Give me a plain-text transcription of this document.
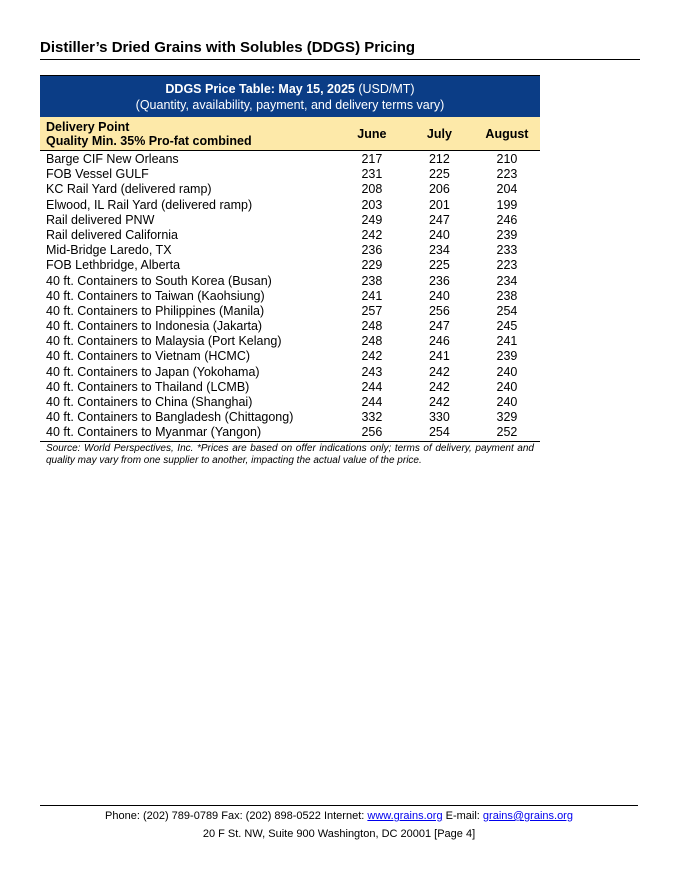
Distiller’s Dried Grains with Solubles (DDGS) Pricing
DDGS Price Table: May 15, 2025 (USD/MT)
(Quantity, availability, payment, and delivery terms vary)
Delivery Point
Quality Min. 35% Pro-fat combined	June	July	August
Barge CIF New Orleans	217	212	210
FOB Vessel GULF	231	225	223
KC Rail Yard (delivered ramp)	208	206	204
Elwood, IL Rail Yard (delivered ramp)	203	201	199
Rail delivered PNW	249	247	246
Rail delivered California	242	240	239
Mid-Bridge Laredo, TX	236	234	233
FOB Lethbridge, Alberta	229	225	223
40 ft. Containers to South Korea (Busan)	238	236	234
40 ft. Containers to Taiwan (Kaohsiung)	241	240	238
40 ft. Containers to Philippines (Manila)	257	256	254
40 ft. Containers to Indonesia (Jakarta)	248	247	245
40 ft. Containers to Malaysia (Port Kelang)	248	246	241
40 ft. Containers to Vietnam (HCMC)	242	241	239
40 ft. Containers to Japan (Yokohama)	243	242	240
40 ft. Containers to Thailand (LCMB)	244	242	240
40 ft. Containers to China (Shanghai)	244	242	240
40 ft. Containers to Bangladesh (Chittagong)	332	330	329
40 ft. Containers to Myanmar (Yangon)	256	254	252
Source: World Perspectives, Inc. *Prices are based on offer indications only; terms of delivery, payment and quality may vary from one supplier to another, impacting the actual value of the price.
Phone: (202) 789-0789 Fax: (202) 898-0522 Internet: www.grains.org E-mail: grains@grains.org
20 F St. NW, Suite 900 Washington, DC 20001 [Page 4]
